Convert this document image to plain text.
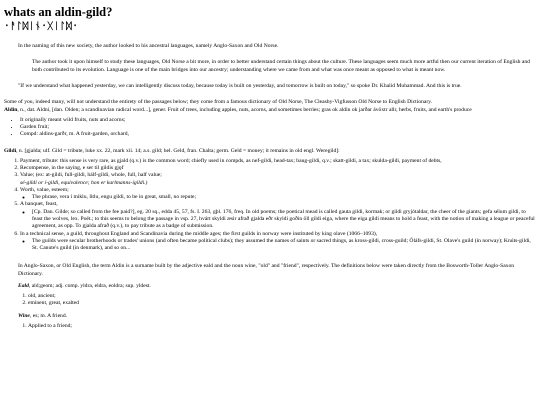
whats an aldin-gild?

᛫ᚨᛚᛞᛁᚾ᛫ᚷᛁᛚᛞ᛫

In the naming of this new society, the author looked to his ancestral languages, namely Anglo-Saxon and Old Norse.

The author took it upon himself to study these languages, Old Norse a bit more, in order to better understand certain things about the culture. These languages seem much more artful then our current iteration of English and both contributed to its evolution. Language is one of the main bridges into our ancestry; understanding where we came from and what was once meant as opposed to what is meant now.

"If we understand what happened yesterday, we can intelligently discuss today, because today is built on yesterday, and tomorrow is built on today," so spoke Dr. Khalid Muhammad. And this is true.

Some of you, indeed many, will not understand the entirety of the passages below; they come from a famous dictionary of Old Norse, The Cleasby-Vigfusson Old Norse to English Dictionary.
Aldin, n., dat. Aldni, [dan. Olden; a scandinavian radical word...], gener. Fruit of trees, including apples, nuts, acorns, and sometimes berries; gras ok aldin ok jarðar ávöxtr allr, herbs, fruits, and earth's produce

• It originally meant wild fruits, nuts and acorns;
• Garden fruit;
• Compd: aldins-garðr, m. A fruit-garden, orchard,

Gildi, n. [gjalda; ulf. Gild = tribute, luke xx. 22, mark xii. 14; a.s. gild; hel. Geld, fran. Chalta; germ. Geld = money; it remains in old engl. Weregild]:

1. Payment, tribute: this sense is very rare, as gjald (q.v.) is the common word; chiefly used in compds, as nef-gildi, head-tax; baug-gildi, q.v.; skatt-gildi, a tax; skulda-gildi, payment of debts,
2. Recompense, in the saying, e ser til gildis gjǫf
3. Value; (ex: at-gildi, full-gildi, hálf-gildi, whole, full, half value;
sé-gildi or í-gildi, equivalence; hon er karlmanns-ígildi.)
4. Worth, value, esteem;
◦ The phrase, vera í miklu, litlu, engu gildi, to be in great, small, no repute;
5. A banquet, feast,
◦ [Cp. Dan. Gilde; so called from the fee paid?], eg. 20 sq., edda 45, 57, fs. I. 263, gþl. 176, freq. In old poems; the poetical mead is called gauta gildi, kormak; or gildi gryjótaldar, the cheer of the giants; gefa sélum gildi, to feast the wolves, lex. Poët.; to this seems to belong the passage in vsp. 27, hvárt skyldi æsir afrað gjalda eðr skyldi goðin öll gildi eiga, where the eiga gildi means to hold a feast, with the notion of making a league or peaceful agreement, as opp. To gjalda afrað (q.v.), to pay tribute as a badge of submission.
6. In a technical sense, a guild, throughout England and Scandinavia during the middle ages; the first guilds in norway were instituted by king olave (1066–1093),
◦ The guilds were secular brotherhoods or trades' unions (and often became political clubs); they assumed the names of saints or sacred things, as kross-gildi, cross-guild; Óláfs-gildi, St. Olave's guild (in norway); Knúts-gildi, St. Canute's guild (in denmark), and so on...

In Anglo-Saxon, or Old English, the term Aldin is a surname built by the adjective eald and the noun wine, "old" and "friend", respectively. The definitions below were taken directly from the Bosworth-Toller Anglo-Saxon Dictionary.

Eald, ald;geom; adj. comp. yldra, eldra, eoldra; sup. yldest.

1. old, ancient;
2. eminent, great, exalted

Wine, es; m. A friend.

1. Applied to a friend;
